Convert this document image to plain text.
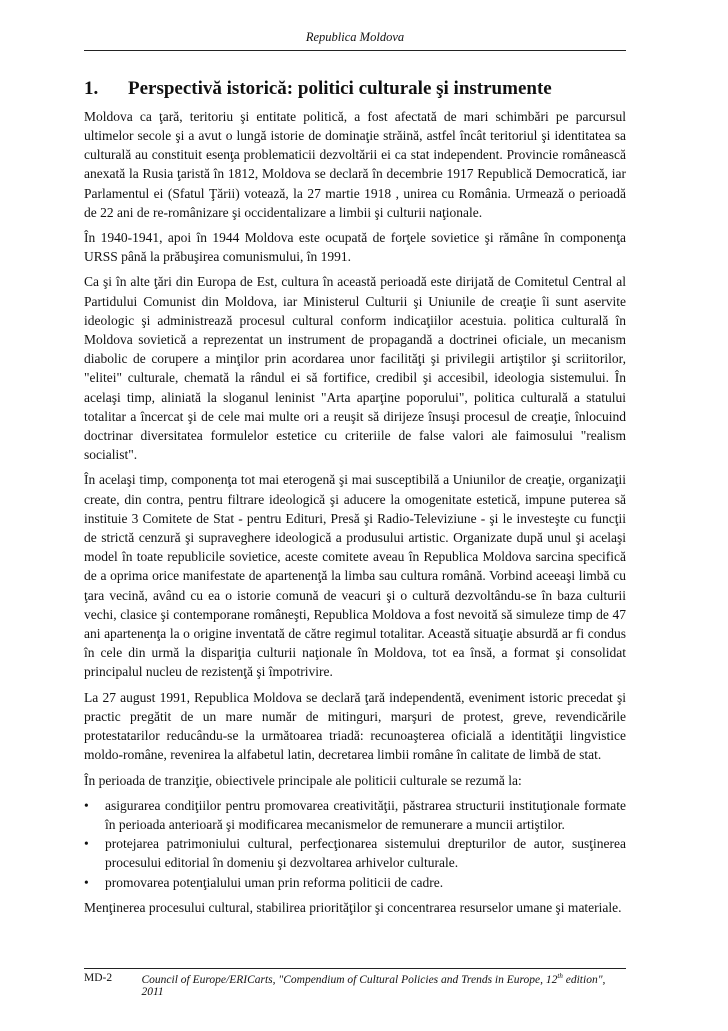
Republica Moldova
1. Perspectivă istorică: politici culturale şi instrumente

Moldova ca ţară, teritoriu şi entitate politică, a fost afectată de mari schimbări pe parcursul ultimelor secole şi a avut o lungă istorie de dominaţie străină, astfel încât teritoriul şi identitatea sa culturală au constituit esenţa problematicii dezvoltării ei ca stat independent. Provincie românească anexată la Rusia ţaristă în 1812, Moldova se declară în decembrie 1917 Republică Democratică, iar Parlamentul ei (Sfatul Ţării) votează, la 27 martie 1918 , unirea cu România. Urmează o perioadă de 22 ani de re-românizare şi occidentalizare a limbii şi culturii naţionale.

În 1940-1941, apoi în 1944 Moldova este ocupată de forţele sovietice şi rămâne în componenţa URSS până la prăbuşirea comunismului, în 1991.

Ca şi în alte ţări din Europa de Est, cultura în această perioadă este dirijată de Comitetul Central al Partidului Comunist din Moldova, iar Ministerul Culturii şi Uniunile de creaţie îi sunt aservite ideologic şi administrează procesul cultural conform indicaţiilor acestuia. politica culturală în Moldova sovietică a reprezentat un instrument de propagandă a doctrinei oficiale, un mecanism diabolic de corupere a minţilor prin acordarea unor facilităţi şi privilegii artiştilor şi scriitorilor, "elitei" culturale, chemată la rândul ei să fortifice, credibil şi accesibil, ideologia sistemului. În acelaşi timp, aliniată la sloganul leninist "Arta aparţine poporului", politica culturală a statului totalitar a încercat şi de cele mai multe ori a reuşit să dirijeze însuşi procesul de creaţie, înlocuind doctrinar diversitatea formulelor estetice cu criteriile de false valori ale faimosului "realism socialist".

În acelaşi timp, componenţa tot mai eterogenă şi mai susceptibilă a Uniunilor de creaţie, organizaţii create, din contra, pentru filtrare ideologică şi aducere la omogenitate estetică, impune puterea să instituie 3 Comitete de Stat - pentru Edituri, Presă şi Radio-Televiziune - şi le investeşte cu funcţii de strictă cenzură şi supraveghere ideologică a produsului artistic. Organizate după unul şi acelaşi model în toate republicile sovietice, aceste comitete aveau în Republica Moldova sarcina specifică de a oprima orice manifestate de apartenenţă la limba sau cultura română. Vorbind aceeaşi limbă cu ţara vecină, având cu ea o istorie comună de veacuri şi o cultură dezvoltându-se în baza culturii vechi, clasice şi contemporane româneşti, Republica Moldova a fost nevoită să simuleze timp de 47 ani apartenenţa la o origine inventată de către regimul totalitar. Această situaţie absurdă ar fi condus în cele din urmă la dispariţia culturii naţionale în Moldova, tot ea însă, a format şi consolidat principalul nucleu de rezistenţă şi împotrivire.

La 27 august 1991, Republica Moldova se declară ţară independentă, eveniment istoric precedat şi practic pregătit de un mare număr de mitinguri, marşuri de protest, greve, revendicările protestatarilor reducându-se la următoarea triadă: recunoaşterea oficială a identităţii lingvistice moldo-române, revenirea la alfabetul latin, decretarea limbii române în calitate de limbă de stat.

În perioada de tranziţie, obiectivele principale ale politicii culturale se rezumă la:

• asigurarea condiţiilor pentru promovarea creativităţii, păstrarea structurii instituţionale formate în perioada anterioară şi modificarea mecanismelor de remunerare a muncii artiştilor.
• protejarea patrimoniului cultural, perfecţionarea sistemului drepturilor de autor, susţinerea procesului editorial în domeniu şi dezvoltarea arhivelor culturale.
• promovarea potenţialului uman prin reforma politicii de cadre.

Menţinerea procesului cultural, stabilirea priorităţilor şi concentrarea resurselor umane şi materiale.

MD-2	Council of Europe/ERICarts, "Compendium of Cultural Policies and Trends in Europe, 12th edition", 2011
